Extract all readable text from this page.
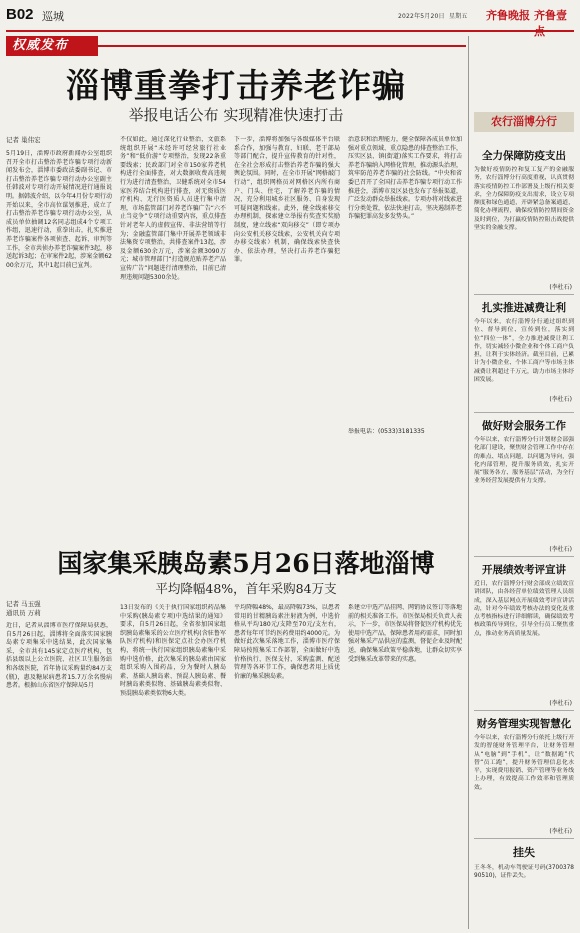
B02 巡城	2022年5月20日 星期五 齐鲁晚报 齐鲁壹
权威发布
淄博重拳打击养老诈骗
举报电话公布 实现精准快速打击
记者 巢伟宏
5月19日，淄博市政府新闻办公室组织召开全市打击整治养老诈骗专项行动新闻发布会，淄博市委政法委副书记、市打击整治养老诈骗专项行动办公室副主任韩波对专项行动开展情况进行通报说明。据韩波介绍，以今年4月份专项行动开始以来，全市高位谋划推进，成立了打击整治养老诈骗专项行动办公室，从成员单位抽调12名同志组成4个专项工作组，迅速行动，重拳出击，扎实推进养老诈骗案件各项侦查、起诉、审判等工作，全市共侦办养老诈骗案件3起，移送起诉3起；在审案件2起，涉案金额6200余万元，其中1起目前已宣判。
不仅如此，通过深化行业整治，文旅系统组织开展“未经许可经营旅行社业务”和“低价游”专项整治，发现22条重要线索；民政部门对全市150家养老机构进行全面排查，对大数据收费高违规行为进行清查整治，卫健系统对全市54家医养结合机构进行排查，对无资质医疗机构、无行医资质人员进行集中清理，市场监管部门对养老诈骗广告“六不止当竞争”专项行动重要内容，重点排查针对老年人的虚假宣传、非法营销等行为；金融监管部门集中开展养老领域非法集资专项整治，共排查案件13起，涉及金额630余万元，涉案金额3090万元；城市管理部门“打造规范贴养老产品宣传广告”问题进行清理整治，目前已清理违规问题5300余处。
下一步，淄博将加强与各级媒体平台联系合作，加强与教育、妇联、老干部局等部门配合，提升宣传教育的针对性，在全社会形成打击整治养老诈骗的强大舆论氛围。同时，在全市开展“网格敲门行动”，组织网格员对网格区内所有商户、门头、住宅，了解养老诈骗的情况，充分利用城乡社区服务、自身发现可疑问题和线索。此外，健全线索移交办理机制，探索建立举报有奖查实奖励制度，建立线索“双向移交”（即专项办向公安机关移交线索，公安机关向专项办移交线索）机制，确保线索快查快办、依法办理，坚决打击养老诈骗犯罪。
治意识和治理能力，健全保障各成员单位加强对重点领域、重点隐患的排查整治工作，压实区县、镇(街道)落实工作要求，将打击养老诈骗纳入网格化管理，推动源头治理，筑牢防范养老诈骗的社会防线。“中央和省委已召开了全国打击养老诈骗专项行动工作推进会，淄博市及区县也发布了举报渠道，广泛发动群众举报线索。专项办将对线索进行分类处置，依法快速打击，坚决遏制养老诈骗犯罪高发多发势头。”
举报电话：(0533)3181335
国家集采胰岛素5月26日落地淄博
平均降幅48%，首年采购84万支
记者 马玉强
通讯员 万莉
近日，记者从淄博市医疗保障局获悉，自5月26日起，淄博将全面落实国家胰岛素专项集采中选结果，此次国家集采，全市共有145家定点医疗机构，包括县级以上公立医院、社区卫生服务站和各级医院，首年协议采购量约84万支(瓶)，惠及糖尿病患者15.7万余名慢病患者。根据山东省医疗保障局5月
13日发布的《关于执行国家组织药品集中采购(胰岛素专项)中选结果的通知》要求，自5月26日起，全省参加国家组织胰岛素集采的公立医疗机构(含驻鲁军队医疗机构)和医保定点社会办医疗机构，将统一执行国家组织胰岛素集中采购中选价格，此次集采的胰岛素由国家组织采购入围药品，分为餐时人胰岛素、基础人胰岛素、预混人胰岛素、餐时胰岛素类似物、基础胰岛素类似物、预混胰岛素类似物6大类。
平均降幅48%，最高降幅73%，以患者常用的甘精胰岛素注射液为例，中选价格从平均180元/支降至70元/支左右，患者每年可节约医药费用约4000元。为做好此次集采落地工作，淄博市医疗保障局按照集采工作部署，全面做好中选价格执行、医保支付、采购监测、配送管理等各环节工作，确保患者用上质优价廉的集采胰岛素。
系建立中选产品挂网、网销协议签订等落地前的相关准备工作。市医保局相关负责人表示，下一步，市医保局将督促医疗机构优先使用中选产品，保障患者用药需求，同时加强对集采产品供应的监测，督促企业及时配送，确保集采政策平稳落地，让群众切实享受到集采改革带来的实惠。
农行淄博分行
全力保障防疫支出
为做好疫情防控和复工复产的金融服务，农行淄博分行高度重视，认真贯彻落实疫情防控工作部署及上级行相关要求，全力保障防疫支出需求，设立专项额度和绿色通道，开辟紧急备案通道，简化办理流程，确保疫情防控期间资金及时到位，为打赢疫情防控阻击战提供坚实的金融支撑。
(李杜石)
扎实推进减费让利
今年以来，农行淄博分行通过组织到位、督导到位、宣传到位，落实到位“四位一体”，全力推进减费让利工作，切实减轻小微企业和个体工商户负担，让利于实体经济。截至目前，已累计为小微企业、个体工商户等市场主体减费让利超过千万元，助力市场主体纾困发展。
(李杜石)
做好财会服务工作
今年以来，农行淄博分行计划财会部强化部门建设，聚焦财会管理工作中存在的难点、堵点问题，以问题为导向，强化内部管理，提升服务质效，扎实开展“服务各方、服务基层”活动，为全行业务经营发展提供有力支撑。
(李杜石)
开展绩效考评宣讲
近日，农行淄博分行财会部成立绩效宣讲团队，由各经营单位绩效管理人员组成，深入基层网点开展绩效考评宣讲活动，针对今年绩效考核办法的变化及重点考核指标进行详细解读，确保绩效考核政策传导到位，引导全行员工聚焦重点，推动业务高质量发展。
(李杜石)
财务管理实现智慧化
今年以来，农行淄博分行依托上级行开发的智能财务管理平台，让财务管理从“电脑”到“手机”，让“数据跑”代替“员工跑”，提升财务管理信息化水平，实现费用报销、资产管理等业务线上办理，有效提高工作效率和管理质效。
(李杜石)
挂失
王冬冬，机动车驾驶证号码(370037890510)，证件丢失。
